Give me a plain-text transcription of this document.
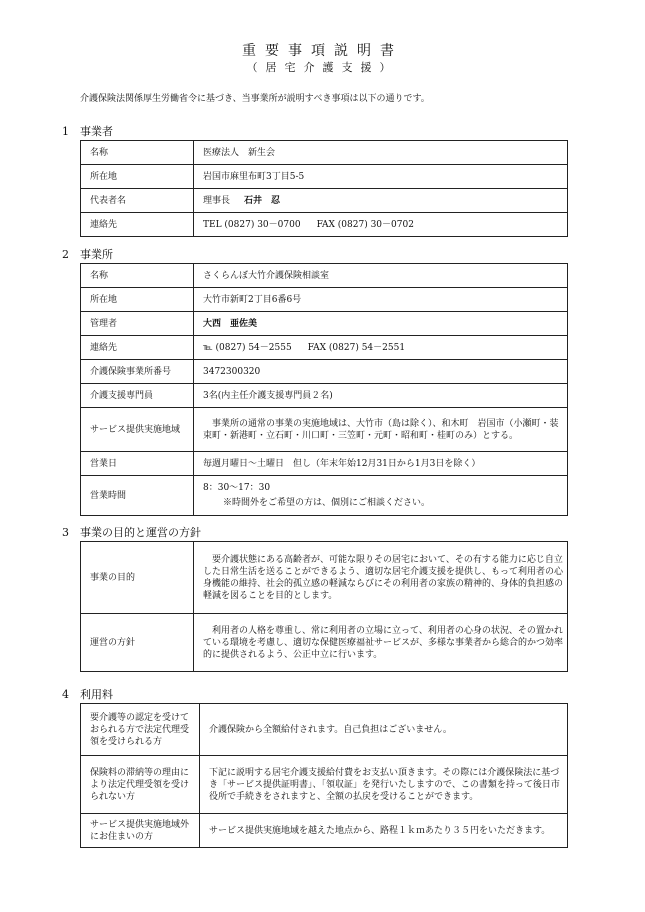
重要事項説明書
（居宅介護支援）
介護保険法関係厚生労働省令に基づき、当事業所が説明すべき事項は以下の通りです。
1 事業者
名称	医療法人　新生会
所在地	岩国市麻里布町3丁目5-5
代表者名	理事長 石井　忍
連絡先	TEL (0827) 30－0700 FAX (0827) 30－0702
2 事業所
名称	さくらんぼ大竹介護保険相談室
所在地	大竹市新町2丁目6番6号
管理者	大西　亜佐美
連絡先	℡ (0827) 54－2555 FAX (0827) 54－2551
介護保険事業所番号	3472300320
介護支援専門員	3名(内主任介護支援専門員２名)
サービス提供実施地域	事業所の通常の事業の実施地域は、大竹市（島は除く）、和木町　岩国市（小瀬町・装束町・新港町・立石町・川口町・三笠町・元町・昭和町・桂町のみ）とする。
営業日	毎週月曜日～土曜日　但し（年末年始12月31日から1月3日を除く）
営業時間	8：30～17：30
※時間外をご希望の方は、個別にご相談ください。
3 事業の目的と運営の方針
事業の目的	要介護状態にある高齢者が、可能な限りその居宅において、その有する能力に応じ自立した日常生活を送ることができるよう、適切な居宅介護支援を提供し、もって利用者の心身機能の維持、社会的孤立感の軽減ならびにその利用者の家族の精神的、身体的負担感の軽減を図ることを目的とします。
運営の方針	利用者の人格を尊重し、常に利用者の立場に立って、利用者の心身の状況、その置かれている環境を考慮し、適切な保健医療福祉サービスが、多様な事業者から総合的かつ効率的に提供されるよう、公正中立に行います。
4 利用料
要介護等の認定を受けておられる方で法定代理受領を受けられる方	介護保険から全額給付されます。自己負担はございません。
保険料の滞納等の理由により法定代理受領を受けられない方	下記に説明する居宅介護支援給付費をお支払い頂きます。その際には介護保険法に基づき「サービス提供証明書」、「領収証」を発行いたしますので、この書類を持って後日市役所で手続きをされますと、全額の払戻を受けることができます。
サービス提供実施地域外にお住まいの方	サービス提供実施地域を越えた地点から、路程１ｋｍあたり３５円をいただきます。
